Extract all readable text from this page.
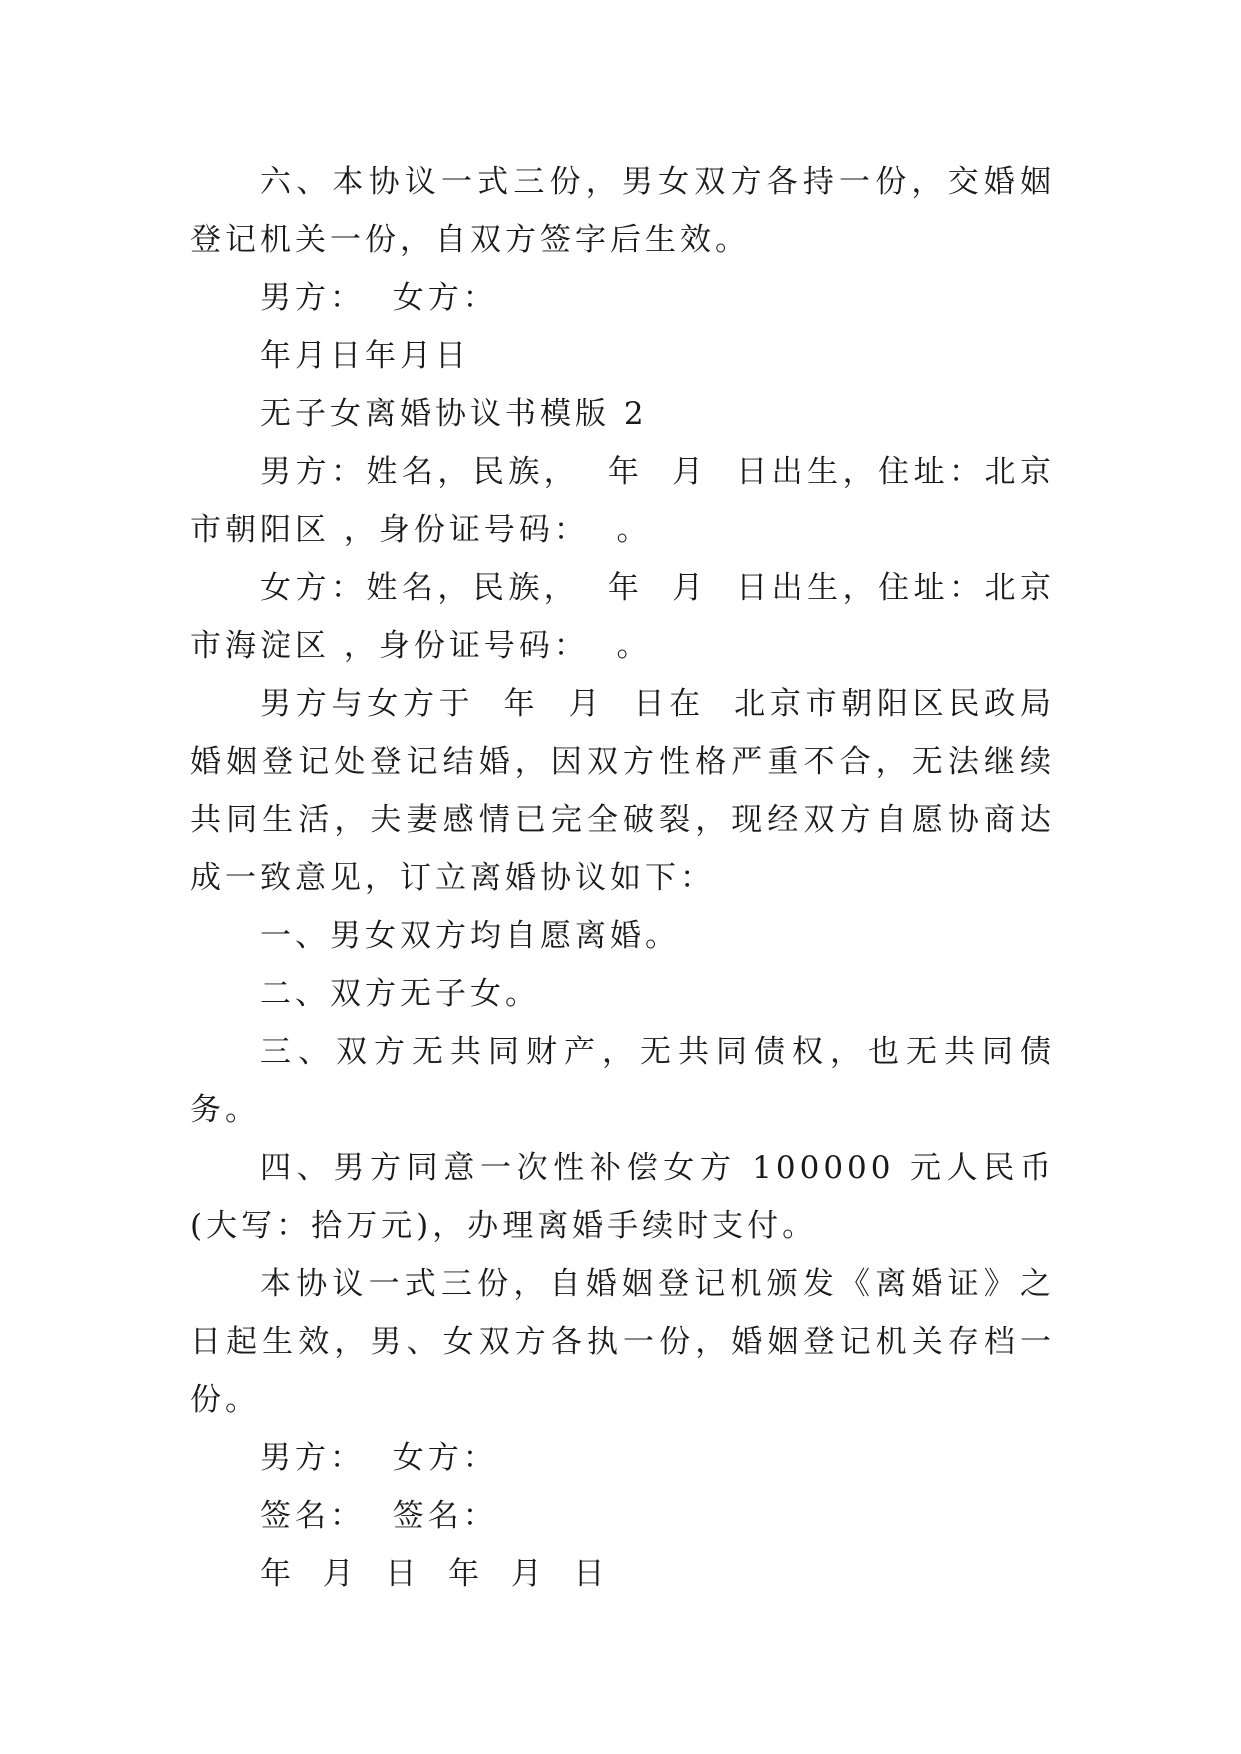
六、本协议一式三份，男女双方各持一份，交婚姻登记机关一份，自双方签字后生效。

男方：  女方：

年月日年月日

无子女离婚协议书模版 2

男方：姓名，民族，  年  月  日出生，住址：北京市朝阳区 ，身份证号码：  。

女方：姓名，民族，  年  月  日出生，住址：北京市海淀区 ，身份证号码：  。

男方与女方于  年  月  日在  北京市朝阳区民政局婚姻登记处登记结婚，因双方性格严重不合，无法继续共同生活，夫妻感情已完全破裂，现经双方自愿协商达成一致意见，订立离婚协议如下：

一、男女双方均自愿离婚。

二、双方无子女。

三、双方无共同财产，无共同债权，也无共同债务。

四、男方同意一次性补偿女方 100000 元人民币(大写：拾万元)，办理离婚手续时支付。

本协议一式三份，自婚姻登记机颁发《离婚证》之日起生效，男、女双方各执一份，婚姻登记机关存档一份。

男方：  女方：

签名：  签名：

年  月  日  年  月  日
